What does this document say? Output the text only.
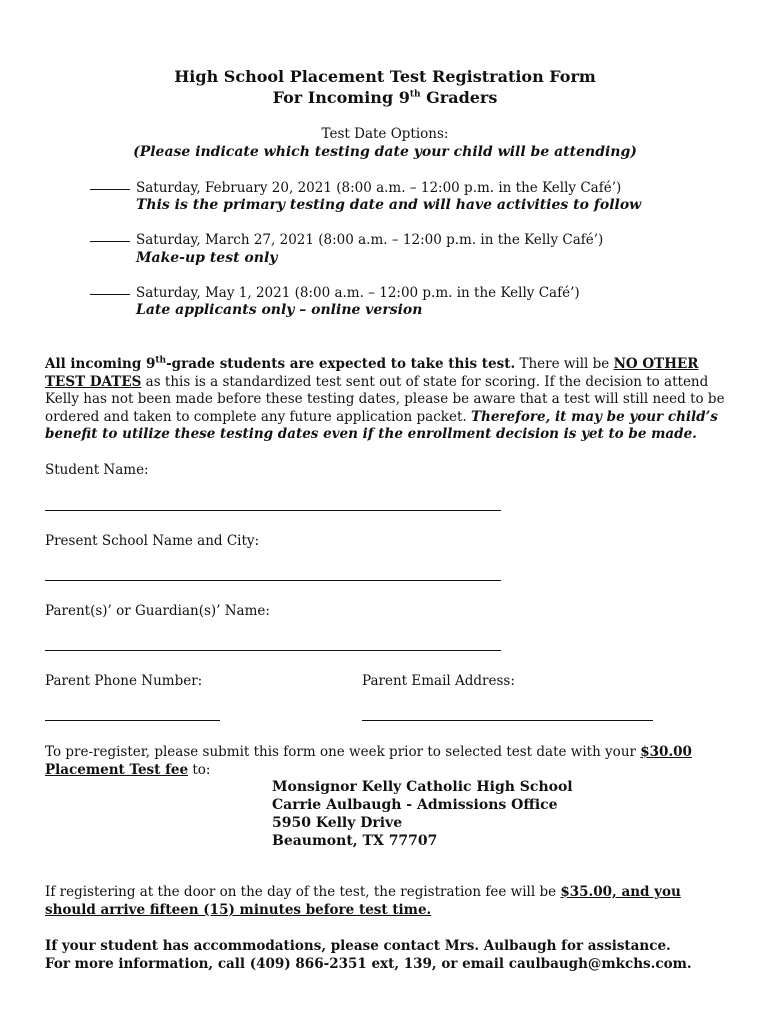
High School Placement Test Registration Form
For Incoming 9th Graders
Test Date Options:
(Please indicate which testing date your child will be attending)
Saturday, February 20, 2021 (8:00 a.m. – 12:00 p.m. in the Kelly Café’)
This is the primary testing date and will have activities to follow
Saturday, March 27, 2021 (8:00 a.m. – 12:00 p.m. in the Kelly Café’)
Make-up test only
Saturday, May 1, 2021 (8:00 a.m. – 12:00 p.m. in the Kelly Café’)
Late applicants only – online version
All incoming 9th-grade students are expected to take this test. There will be NO OTHER TEST DATES as this is a standardized test sent out of state for scoring. If the decision to attend Kelly has not been made before these testing dates, please be aware that a test will still need to be ordered and taken to complete any future application packet. Therefore, it may be your child’s benefit to utilize these testing dates even if the enrollment decision is yet to be made.
Student Name:
Present School Name and City:
Parent(s)’ or Guardian(s)’ Name:
Parent Phone Number:	Parent Email Address:
To pre-register, please submit this form one week prior to selected test date with your $30.00 Placement Test fee to:
Monsignor Kelly Catholic High School
Carrie Aulbaugh - Admissions Office
5950 Kelly Drive
Beaumont, TX 77707
If registering at the door on the day of the test, the registration fee will be $35.00, and you should arrive fifteen (15) minutes before test time.
If your student has accommodations, please contact Mrs. Aulbaugh for assistance.
For more information, call (409) 866-2351 ext, 139, or email caulbaugh@mkchs.com.
